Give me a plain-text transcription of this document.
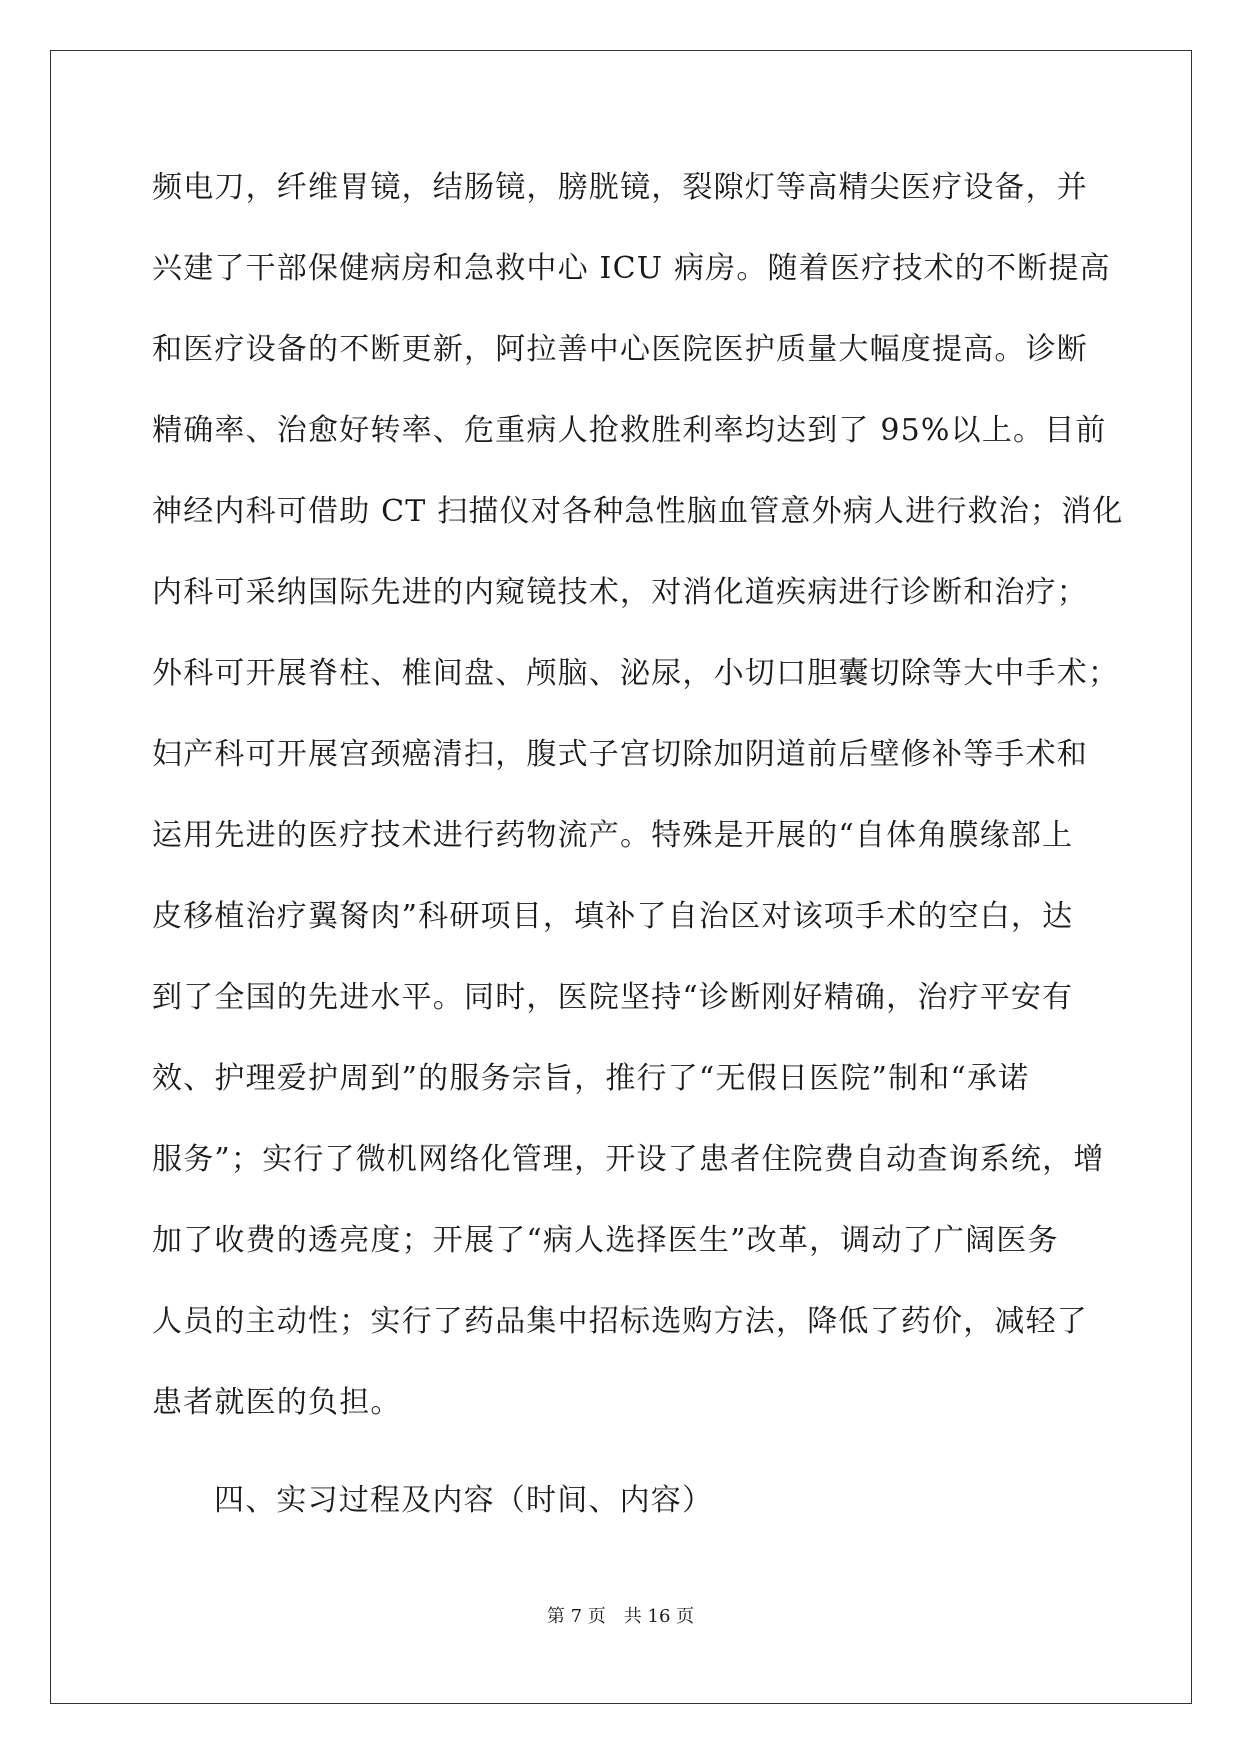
频电刀，纤维胃镜，结肠镜，膀胱镜，裂隙灯等高精尖医疗设备，并
兴建了干部保健病房和急救中心 ICU 病房。随着医疗技术的不断提高
和医疗设备的不断更新，阿拉善中心医院医护质量大幅度提高。诊断
精确率、治愈好转率、危重病人抢救胜利率均达到了 95%以上。目前
神经内科可借助 CT 扫描仪对各种急性脑血管意外病人进行救治；消化
内科可采纳国际先进的内窥镜技术，对消化道疾病进行诊断和治疗；
外科可开展脊柱、椎间盘、颅脑、泌尿，小切口胆囊切除等大中手术；
妇产科可开展宫颈癌清扫，腹式子宫切除加阴道前后壁修补等手术和
运用先进的医疗技术进行药物流产。特殊是开展的“自体角膜缘部上
皮移植治疗翼胬肉”科研项目，填补了自治区对该项手术的空白，达
到了全国的先进水平。同时，医院坚持“诊断刚好精确，治疗平安有
效、护理爱护周到”的服务宗旨，推行了“无假日医院”制和“承诺
服务”；实行了微机网络化管理，开设了患者住院费自动查询系统，增
加了收费的透亮度；开展了“病人选择医生”改革，调动了广阔医务
人员的主动性；实行了药品集中招标选购方法，降低了药价，减轻了
患者就医的负担。
四、实习过程及内容（时间、内容）
第 7 页　共 16 页
